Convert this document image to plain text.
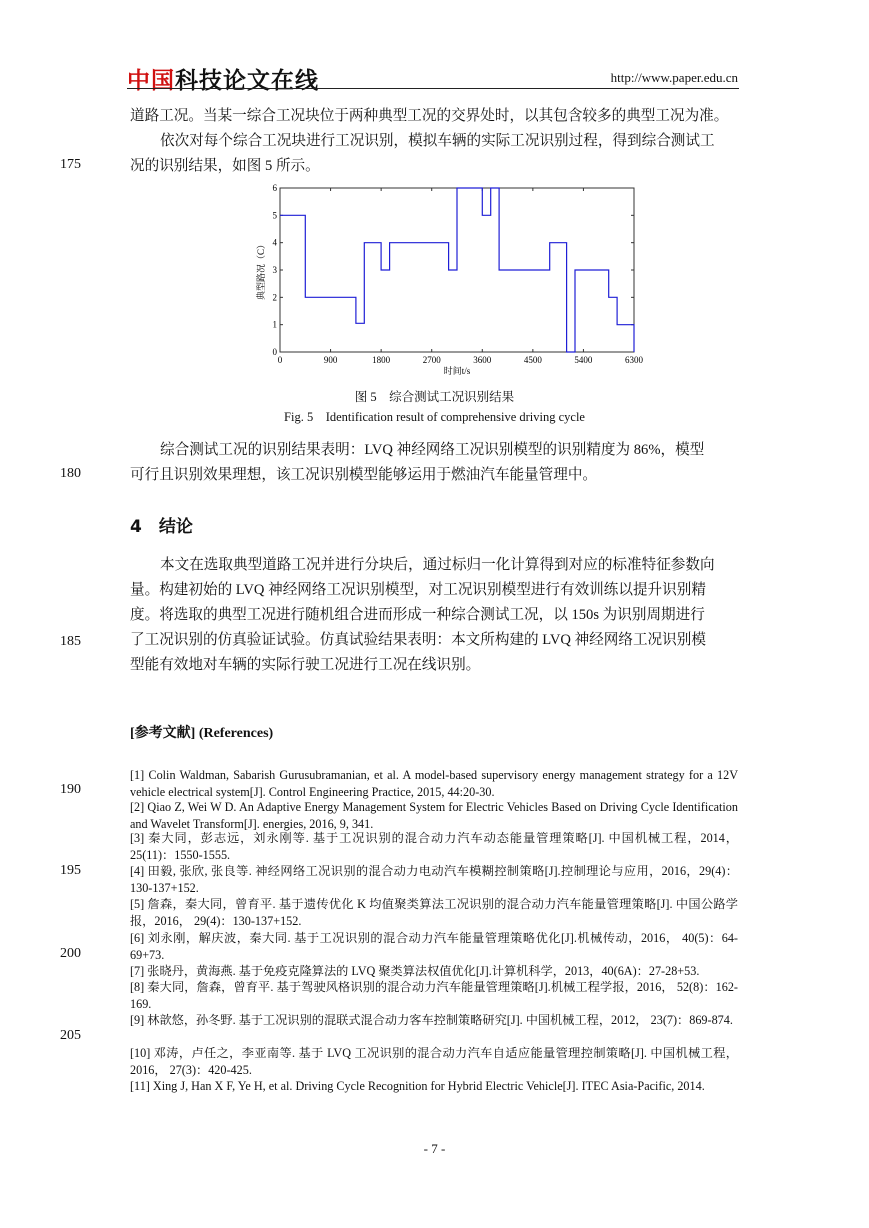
中国科技论文在线	http://www.paper.edu.cn
道路工况。当某一综合工况块位于两种典型工况的交界处时，以其包含较多的典型工况为准。
依次对每个综合工况块进行工况识别，模拟车辆的实际工况识别过程，得到综合测试工
况的识别结果，如图 5 所示。
175
0	900	1800	2700	3600	4500	5400	6300
0
1
2
3
4
5
6
时间t/s
典型路况（C）
图 5　综合测试工况识别结果
Fig. 5　Identification result of comprehensive driving cycle
综合测试工况的识别结果表明：LVQ 神经网络工况识别模型的识别精度为 86%，模型
可行且识别效果理想，该工况识别模型能够运用于燃油汽车能量管理中。
180
4　结论
本文在选取典型道路工况并进行分块后，通过标归一化计算得到对应的标准特征参数向
量。构建初始的 LVQ 神经网络工况识别模型，对工况识别模型进行有效训练以提升识别精
度。将选取的典型工况进行随机组合进而形成一种综合测试工况，以 150s 为识别周期进行
了工况识别的仿真验证试验。仿真试验结果表明：本文所构建的 LVQ 神经网络工况识别模
185
型能有效地对车辆的实际行驶工况进行工况在线识别。
[参考文献] (References)
[1] Colin Waldman, Sabarish Gurusubramanian, et al. A model-based supervisory energy management strategy for a 12V vehicle electrical system[J]. Control Engineering Practice, 2015, 44:20-30.
190
[2] Qiao Z, Wei W D. An Adaptive Energy Management System for Electric Vehicles Based on Driving Cycle Identification and Wavelet Transform[J]. energies, 2016, 9, 341.
[3] 秦大同，彭志远，刘永刚等. 基于工况识别的混合动力汽车动态能量管理策略[J]. 中国机械工程，2014，25(11)：1550-1555.
[4] 田毅, 张欣, 张良等. 神经网络工况识别的混合动力电动汽车模糊控制策略[J].控制理论与应用，2016，29(4)：130-137+152.
195
[5] 詹森，秦大同，曾育平. 基于遗传优化 K 均值聚类算法工况识别的混合动力汽车能量管理策略[J]. 中国公路学报，2016， 29(4)：130-137+152.
[6] 刘永刚，解庆波，秦大同. 基于工况识别的混合动力汽车能量管理策略优化[J].机械传动，2016， 40(5)：64-69+73.
200
[7] 张晓丹，黄海燕. 基于免疫克隆算法的 LVQ 聚类算法权值优化[J].计算机科学，2013，40(6A)：27-28+53.
[8] 秦大同，詹森，曾育平. 基于驾驶风格识别的混合动力汽车能量管理策略[J].机械工程学报，2016， 52(8)：162-169.
[9] 林歆悠，孙冬野. 基于工况识别的混联式混合动力客车控制策略研究[J]. 中国机械工程，2012， 23(7)：869-874.
205
[10] 邓涛，卢任之，李亚南等. 基于 LVQ 工况识别的混合动力汽车自适应能量管理控制策略[J]. 中国机械工程，2016， 27(3)：420-425.
[11] Xing J, Han X F, Ye H, et al. Driving Cycle Recognition for Hybrid Electric Vehicle[J]. ITEC Asia-Pacific, 2014.
- 7 -
